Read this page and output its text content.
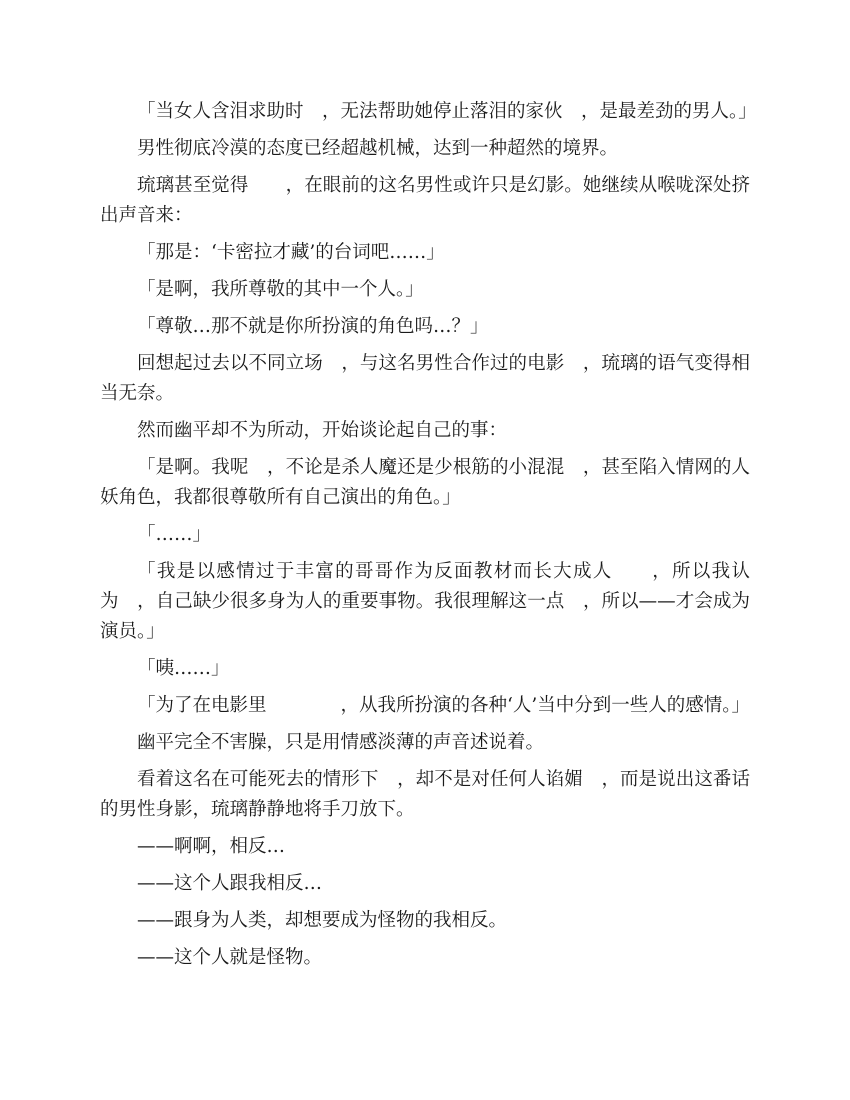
「当女人含泪求助时　，无法帮助她停止落泪的家伙　，是最差劲的男人。」

男性彻底冷漠的态度已经超越机械，达到一种超然的境界。

琉璃甚至觉得　　，在眼前的这名男性或许只是幻影。她继续从喉咙深处挤出声音来：

「那是：‘卡密拉才藏’的台词吧……」

「是啊，我所尊敬的其中一个人。」

「尊敬…那不就是你所扮演的角色吗…？」

回想起过去以不同立场　，与这名男性合作过的电影　，琉璃的语气变得相当无奈。

然而幽平却不为所动，开始谈论起自己的事：

「是啊。我呢　，不论是杀人魔还是少根筋的小混混　，甚至陷入情网的人妖角色，我都很尊敬所有自己演出的角色。」

「……」

「我是以感情过于丰富的哥哥作为反面教材而长大成人　　，所以我认为　，自己缺少很多身为人的重要事物。我很理解这一点　，所以——才会成为演员。」

「咦……」

「为了在电影里　　　　，从我所扮演的各种‘人’当中分到一些人的感情。」

幽平完全不害臊，只是用情感淡薄的声音述说着。

看着这名在可能死去的情形下　，却不是对任何人谄媚　，而是说出这番话的男性身影，琉璃静静地将手刀放下。

——啊啊，相反…

——这个人跟我相反…

——跟身为人类，却想要成为怪物的我相反。

——这个人就是怪物。
